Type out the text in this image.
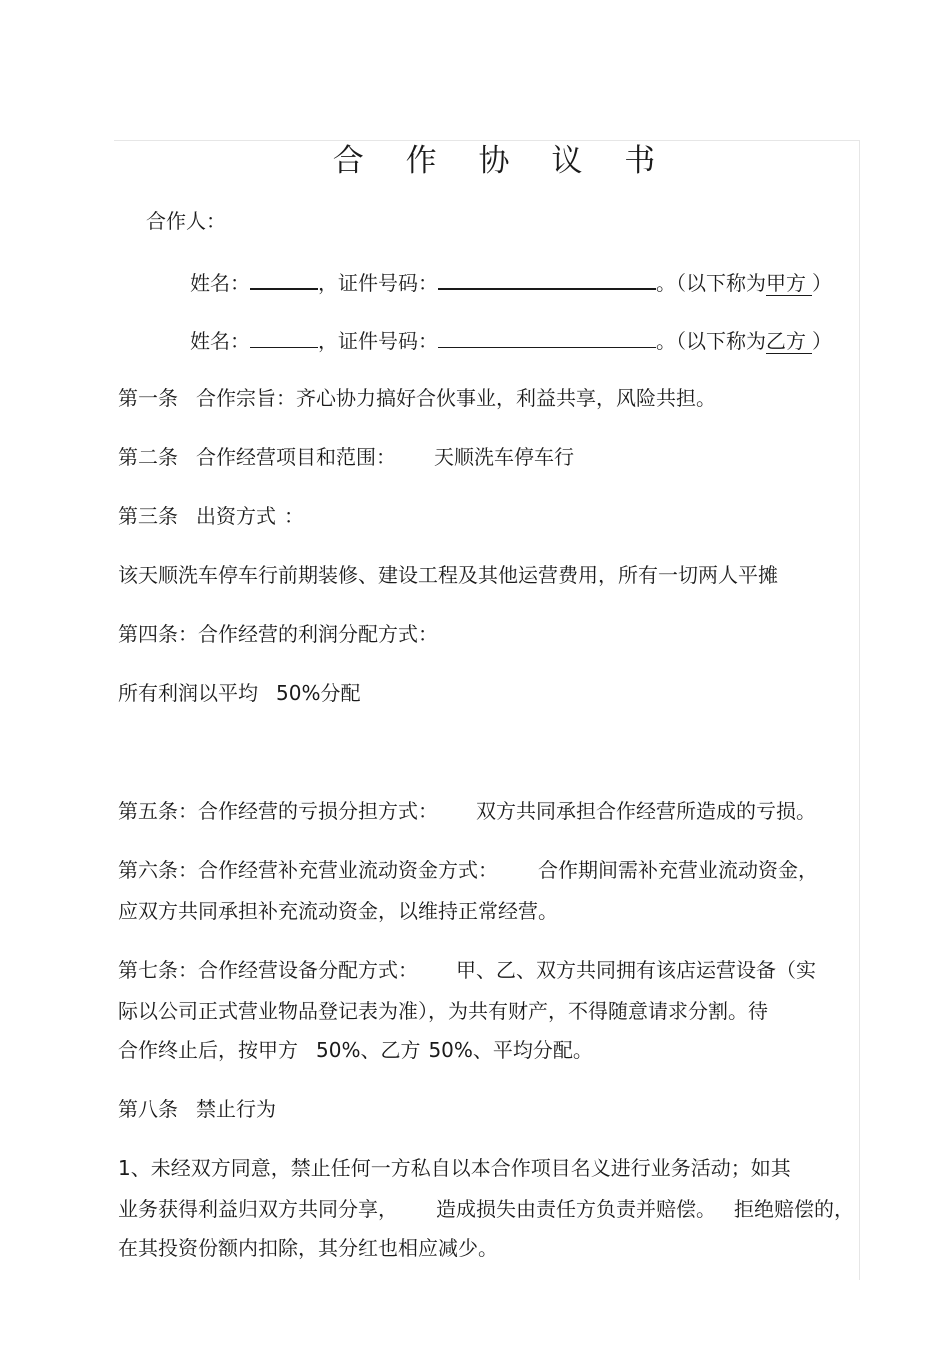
合 作 协 议 书
合作人：
姓名：	，证件号码：	。（以下称为甲方 ）
姓名：	，证件号码：	。（以下称为乙方 ）
第一条 合作宗旨：齐心协力搞好合伙事业，利益共享，风险共担。
第二条 合作经营项目和范围： 天顺洗车停车行
第三条 出资方式 ：
该天顺洗车停车行前期装修、建设工程及其他运营费用，所有一切两人平摊
第四条：合作经营的利润分配方式：
所有利润以平均 50%分配
第五条：合作经营的亏损分担方式： 双方共同承担合作经营所造成的亏损。
第六条：合作经营补充营业流动资金方式： 合作期间需补充营业流动资金，
应双方共同承担补充流动资金，以维持正常经营。
第七条：合作经营设备分配方式： 甲、乙、双方共同拥有该店运营设备（实
际以公司正式营业物品登记表为准），为共有财产，不得随意请求分割。待
合作终止后，按甲方 50%、乙方 50%、平均分配。
第八条 禁止行为
1、未经双方同意，禁止任何一方私自以本合作项目名义进行业务活动；如其
业务获得利益归双方共同分享， 造成损失由责任方负责并赔偿。 拒绝赔偿的，
在其投资份额内扣除，其分红也相应减少。
